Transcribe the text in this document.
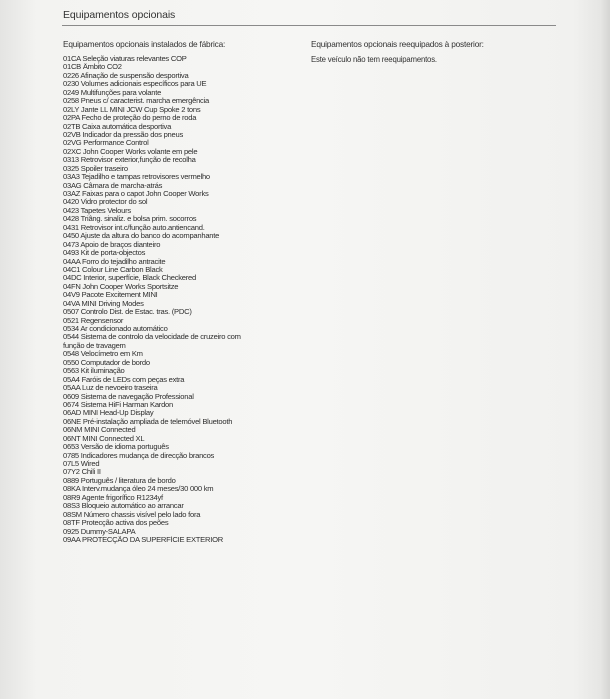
Equipamentos opcionais
Equipamentos opcionais instalados de fábrica:
01CA Seleção viaturas relevantes COP
01CB Âmbito CO2
0226 Afinação de suspensão desportiva
0230 Volumes adicionais específicos para UE
0249 Multifunções para volante
0258 Pneus c/ caracterist. marcha emergência
02LY Jante LL MINI JCW Cup Spoke 2 tons
02PA Fecho de proteção do perno de roda
02TB Caixa automática desportiva
02VB Indicador da pressão dos pneus
02VG Performance Control
02XC John Cooper Works volante em pele
0313 Retrovisor exterior,função de recolha
0325 Spoiler traseiro
03A3 Tejadilho e tampas retrovisores vermelho
03AG Câmara de marcha-atrás
03AZ Faixas para o capot John Cooper Works
0420 Vidro protector do sol
0423 Tapetes Velours
0428 Triâng. sinaliz. e bolsa prim. socorros
0431 Retrovisor int.c/função auto.antiencand.
0450 Ajuste da altura do banco do acompanhante
0473 Apoio de braços dianteiro
0493 Kit de porta-objectos
04AA Forro do tejadilho antracite
04C1 Colour Line Carbon Black
04DC Interior, superfície, Black Checkered
04FN John Cooper Works Sportsitze
04V9 Pacote Excitement MINI
04VA MINI Driving Modes
0507 Controlo Dist. de Estac. tras. (PDC)
0521 Regensensor
0534 Ar condicionado automático
0544 Sistema de controlo da velocidade de cruzeiro com
função de travagem
0548 Velocímetro em Km
0550 Computador de bordo
0563 Kit iluminação
05A4 Faróis de LEDs com peças extra
05AA Luz de nevoeiro traseira
0609 Sistema de navegação Professional
0674 Sistema HiFi Harman Kardon
06AD MINI Head-Up Display
06NE Pré-instalação ampliada de telemóvel Bluetooth
06NM MINI Connected
06NT MINI Connected XL
0653 Versão de idioma português
0785 Indicadores mudança de direcção brancos
07L5 Wired
07Y2 Chili II
0889 Português / literatura de bordo
08KA Interv.mudança óleo 24 meses/30 000 km
08R9 Agente frigorífico R1234yf
08S3 Bloqueio automático ao arrancar
08SM Número chassis visível pelo lado fora
08TF Protecção activa dos peões
0925 Dummy-SALAPA
09AA PROTECÇÃO DA SUPERFÍCIE EXTERIOR
Equipamentos opcionais reequipados à posterior:
Este veículo não tem reequipamentos.
